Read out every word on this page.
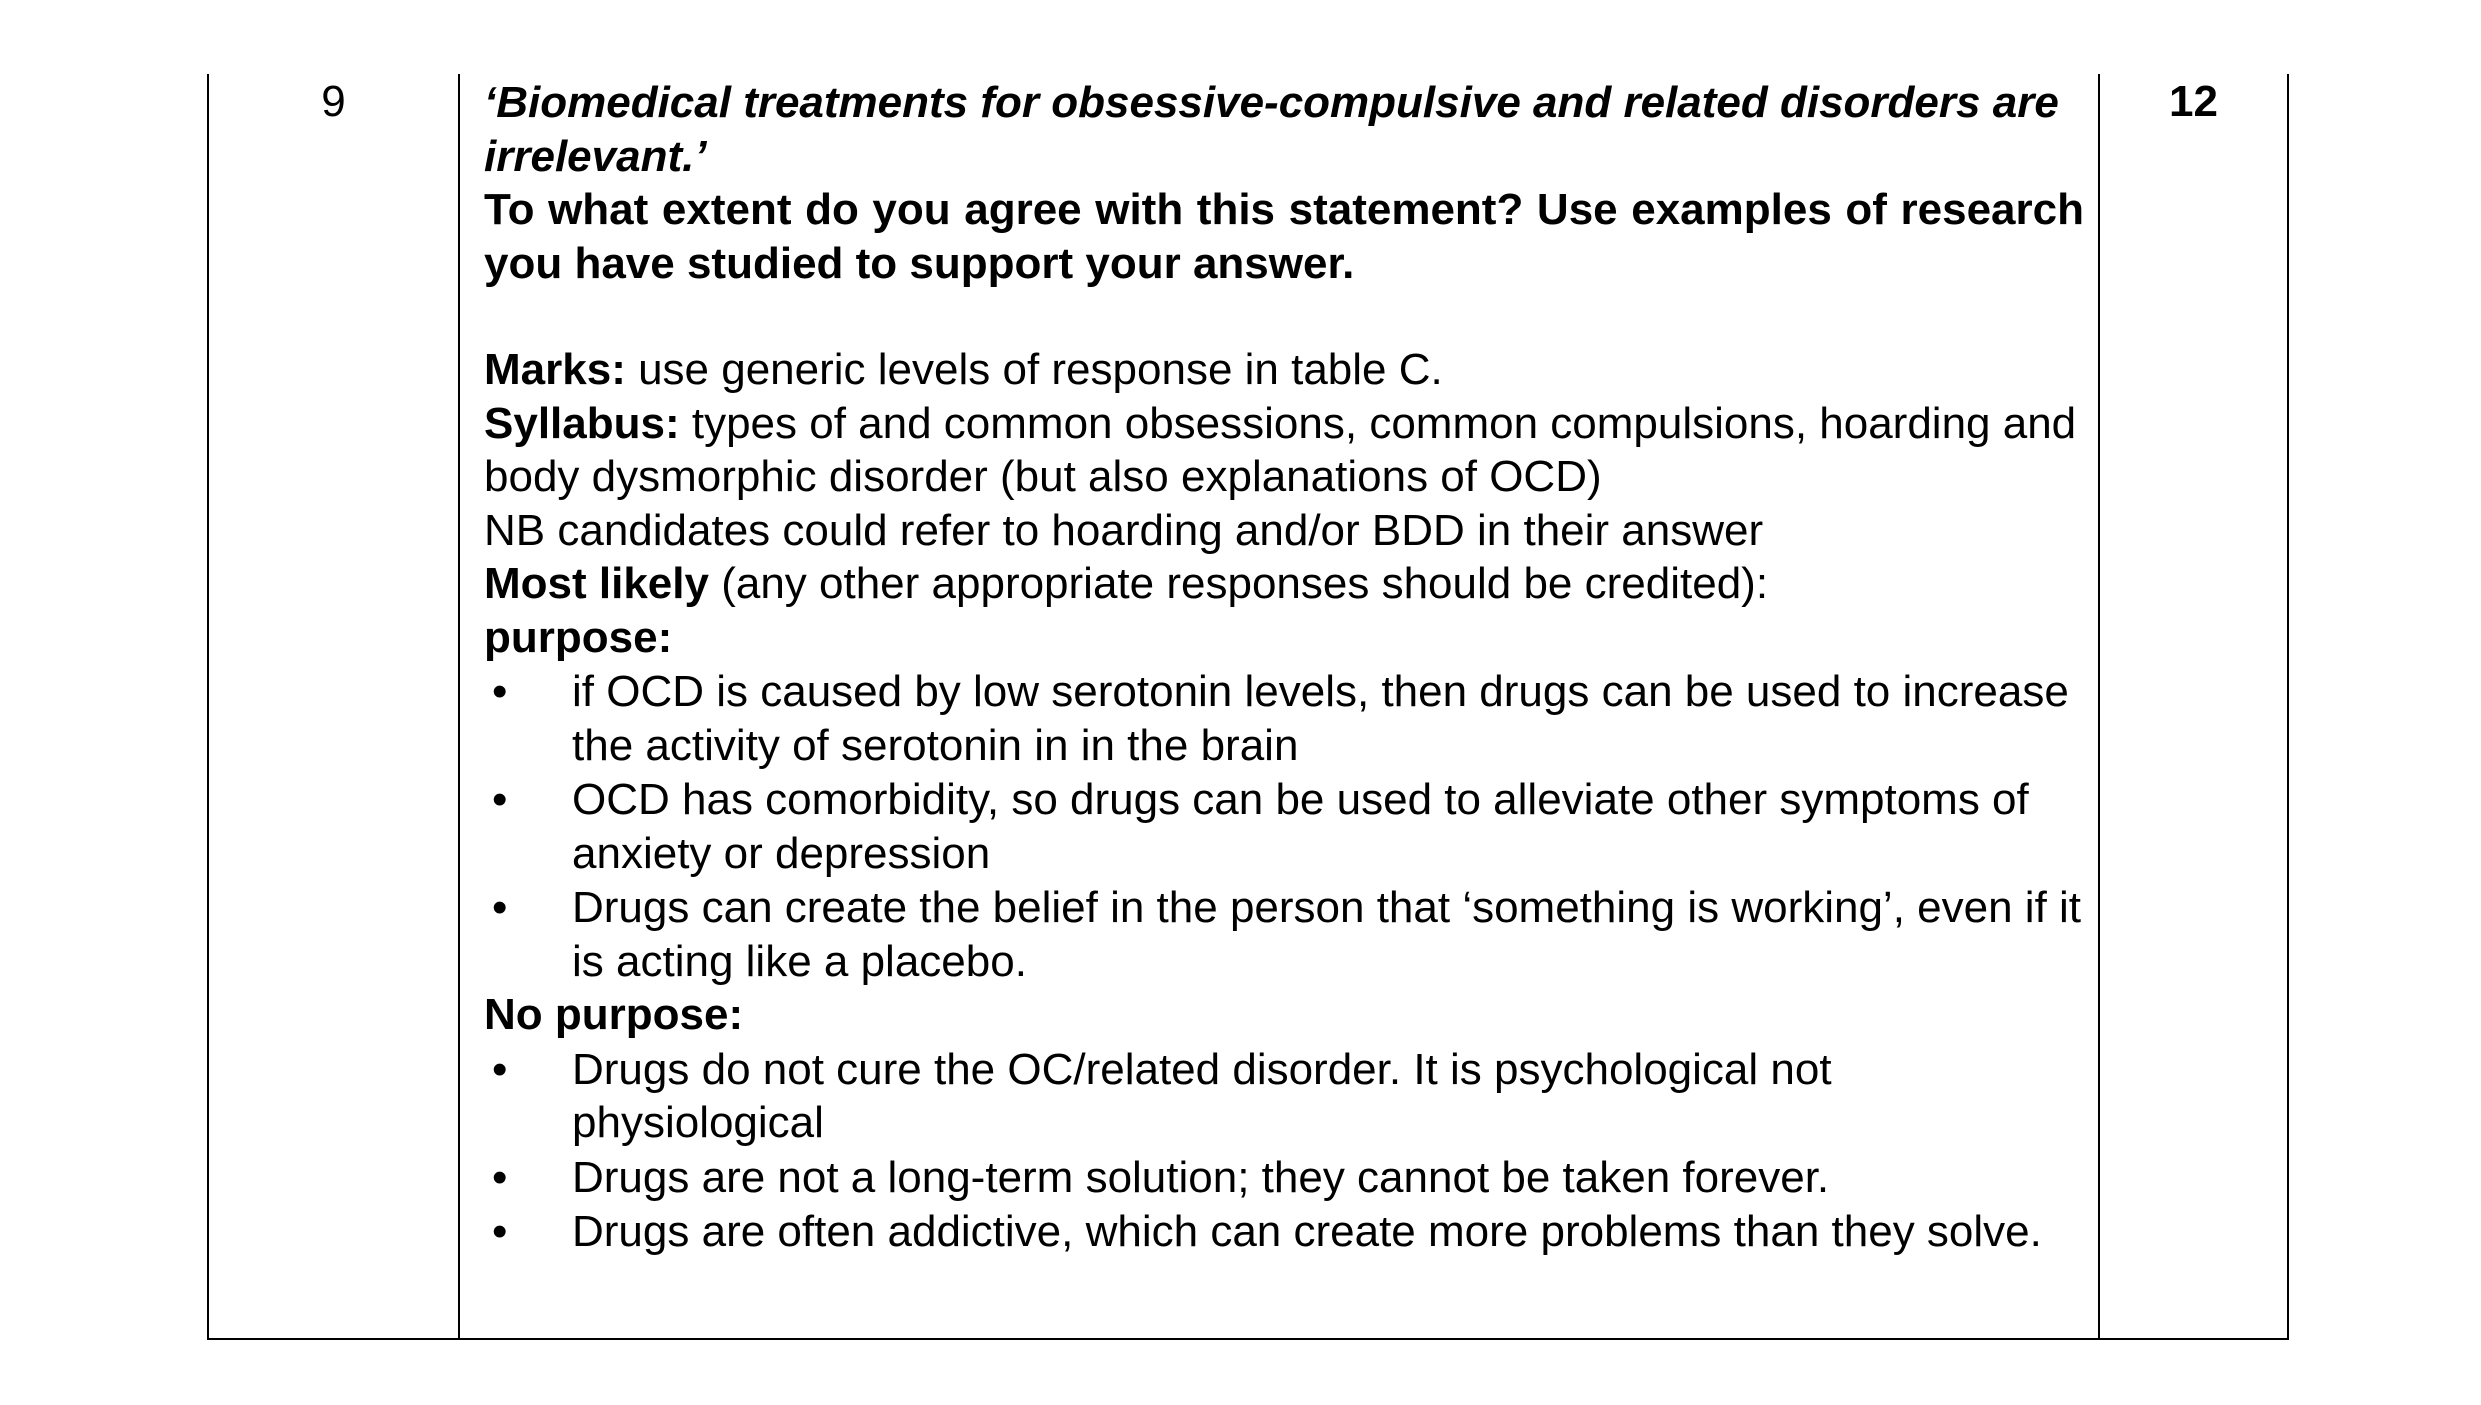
9	‘Biomedical treatments for obsessive-compulsive and related disorders are irrelevant.’
To what extent do you agree with this statement? Use examples of research you have studied to support your answer.
Marks: use generic levels of response in table C.
Syllabus: types of and common obsessions, common compulsions, hoarding and body dysmorphic disorder (but also explanations of OCD)
NB candidates could refer to hoarding and/or BDD in their answer
Most likely (any other appropriate responses should be credited):
purpose:
• if OCD is caused by low serotonin levels, then drugs can be used to increase the activity of serotonin in in the brain
• OCD has comorbidity, so drugs can be used to alleviate other symptoms of anxiety or depression
• Drugs can create the belief in the person that ‘something is working’, even if it is acting like a placebo.
No purpose:
• Drugs do not cure the OC/related disorder. It is psychological not physiological
• Drugs are not a long-term solution; they cannot be taken forever.
• Drugs are often addictive, which can create more problems than they solve.
12
